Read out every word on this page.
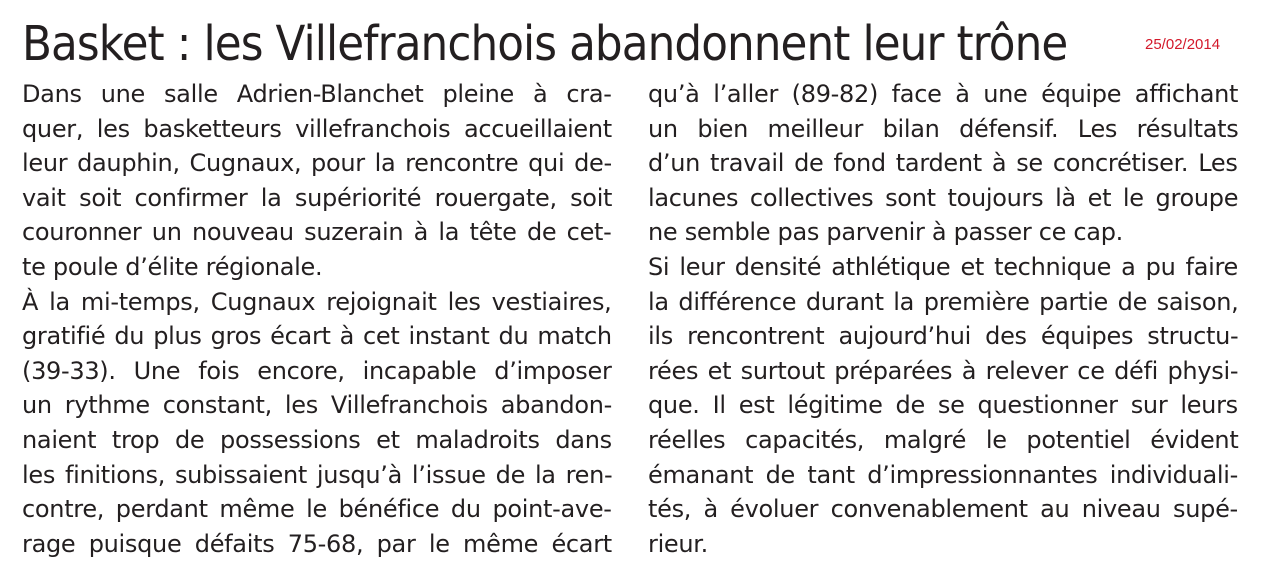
Basket : les Villefranchois abandonnent leur trône	25/02/2014
Dans une salle Adrien-Blanchet pleine à cra-
quer, les basketteurs villefranchois accueillaient
leur dauphin, Cugnaux, pour la rencontre qui de-
vait soit confirmer la supériorité rouergate, soit
couronner un nouveau suzerain à la tête de cet-
te poule d’élite régionale.
À la mi-temps, Cugnaux rejoignait les vestiaires,
gratifié du plus gros écart à cet instant du match
(39-33). Une fois encore, incapable d’imposer
un rythme constant, les Villefranchois abandon-
naient trop de possessions et maladroits dans
les finitions, subissaient jusqu’à l’issue de la ren-
contre, perdant même le bénéfice du point-ave-
rage puisque défaits 75-68, par le même écart
qu’à l’aller (89-82) face à une équipe affichant
un bien meilleur bilan défensif. Les résultats
d’un travail de fond tardent à se concrétiser. Les
lacunes collectives sont toujours là et le groupe
ne semble pas parvenir à passer ce cap.
Si leur densité athlétique et technique a pu faire
la différence durant la première partie de saison,
ils rencontrent aujourd’hui des équipes structu-
rées et surtout préparées à relever ce défi physi-
que. Il est légitime de se questionner sur leurs
réelles capacités, malgré le potentiel évident
émanant de tant d’impressionnantes individuali-
tés, à évoluer convenablement au niveau supé-
rieur.
